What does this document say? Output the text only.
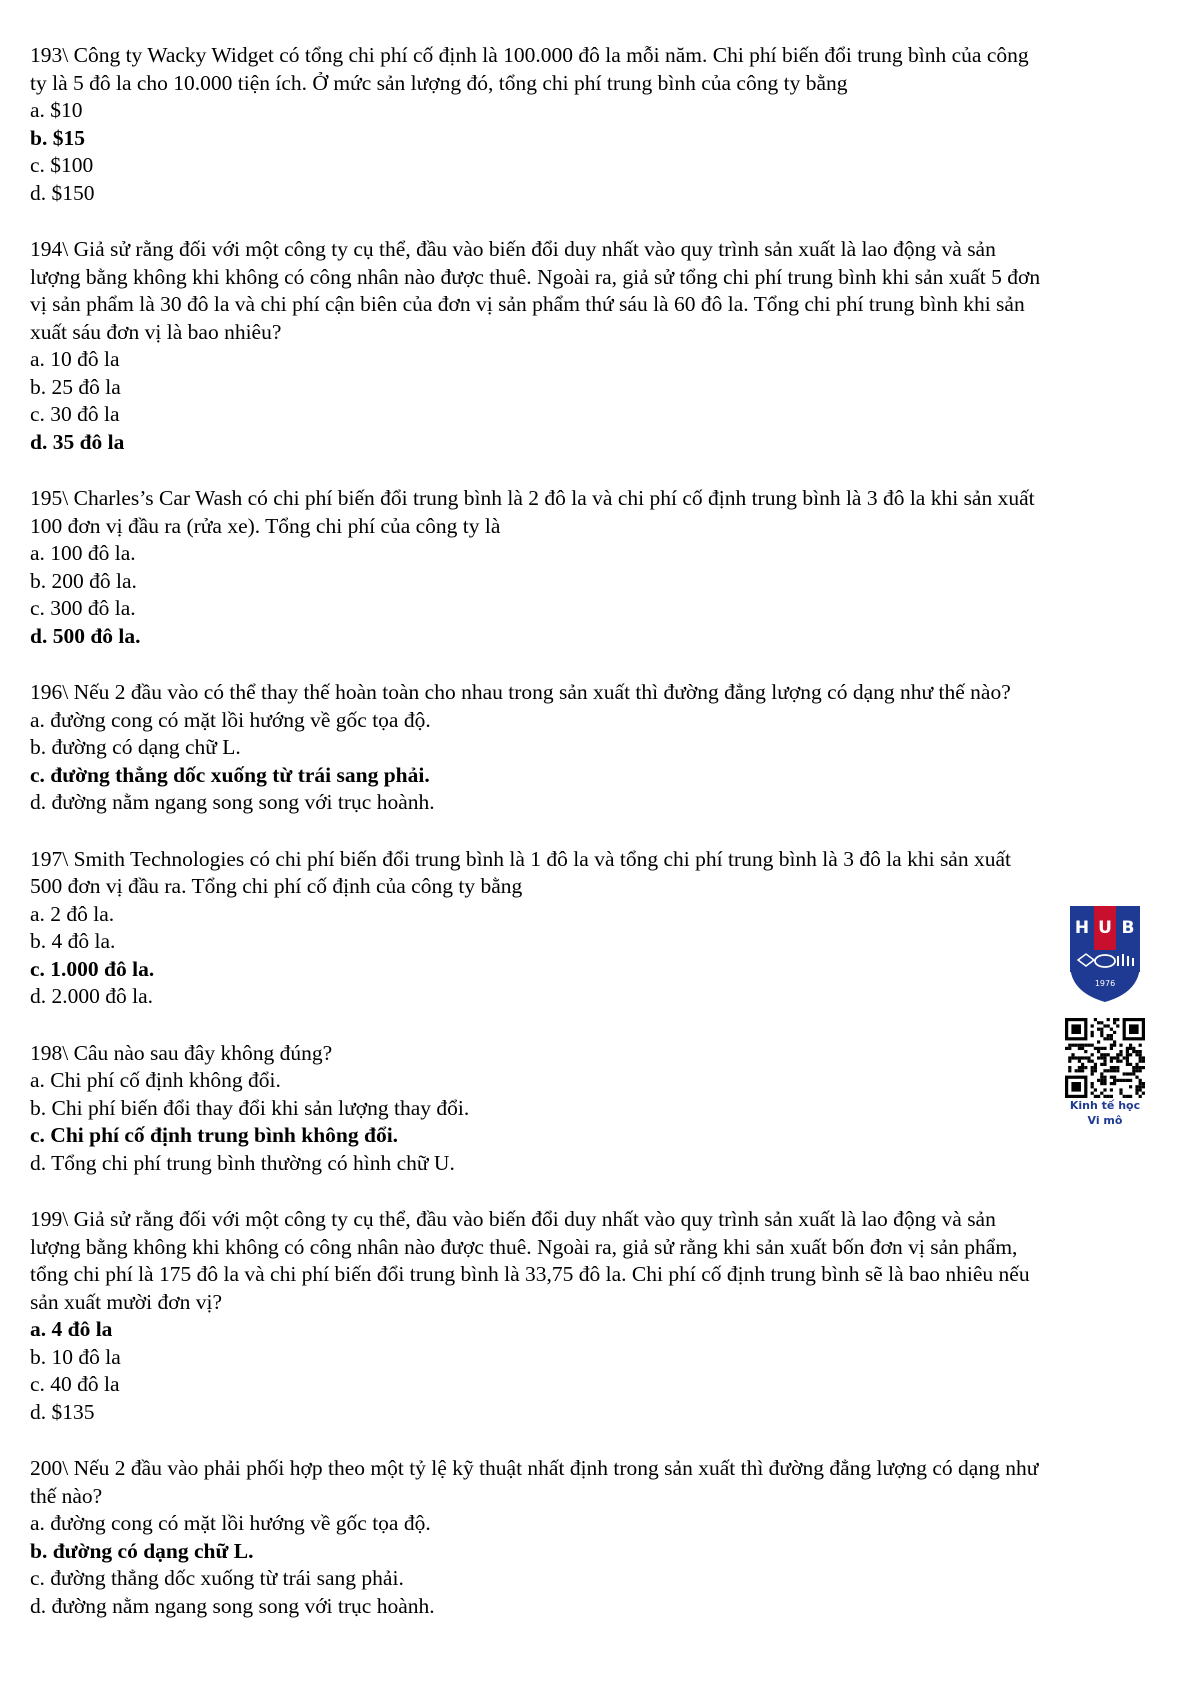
193\ Công ty Wacky Widget có tổng chi phí cố định là 100.000 đô la mỗi năm. Chi phí biến đổi trung bình của công
ty là 5 đô la cho 10.000 tiện ích. Ở mức sản lượng đó, tổng chi phí trung bình của công ty bằng
a. $10
b. $15
c. $100
d. $150
194\ Giả sử rằng đối với một công ty cụ thể, đầu vào biến đổi duy nhất vào quy trình sản xuất là lao động và sản
lượng bằng không khi không có công nhân nào được thuê. Ngoài ra, giả sử tổng chi phí trung bình khi sản xuất 5 đơn
vị sản phẩm là 30 đô la và chi phí cận biên của đơn vị sản phẩm thứ sáu là 60 đô la. Tổng chi phí trung bình khi sản
xuất sáu đơn vị là bao nhiêu?
a. 10 đô la
b. 25 đô la
c. 30 đô la
d. 35 đô la
195\ Charles’s Car Wash có chi phí biến đổi trung bình là 2 đô la và chi phí cố định trung bình là 3 đô la khi sản xuất
100 đơn vị đầu ra (rửa xe). Tổng chi phí của công ty là
a. 100 đô la.
b. 200 đô la.
c. 300 đô la.
d. 500 đô la.
196\ Nếu 2 đầu vào có thể thay thế hoàn toàn cho nhau trong sản xuất thì đường đẳng lượng có dạng như thế nào?
a. đường cong có mặt lồi hướng về gốc tọa độ.
b. đường có dạng chữ L.
c. đường thẳng dốc xuống từ trái sang phải.
d. đường nằm ngang song song với trục hoành.
197\ Smith Technologies có chi phí biến đổi trung bình là 1 đô la và tổng chi phí trung bình là 3 đô la khi sản xuất
500 đơn vị đầu ra. Tổng chi phí cố định của công ty bằng
a. 2 đô la.
b. 4 đô la.
c. 1.000 đô la.
d. 2.000 đô la.
198\ Câu nào sau đây không đúng?
a. Chi phí cố định không đổi.
b. Chi phí biến đổi thay đổi khi sản lượng thay đổi.
c. Chi phí cố định trung bình không đổi.
d. Tổng chi phí trung bình thường có hình chữ U.
199\ Giả sử rằng đối với một công ty cụ thể, đầu vào biến đổi duy nhất vào quy trình sản xuất là lao động và sản
lượng bằng không khi không có công nhân nào được thuê. Ngoài ra, giả sử rằng khi sản xuất bốn đơn vị sản phẩm,
tổng chi phí là 175 đô la và chi phí biến đổi trung bình là 33,75 đô la. Chi phí cố định trung bình sẽ là bao nhiêu nếu
sản xuất mười đơn vị?
a. 4 đô la
b. 10 đô la
c. 40 đô la
d. $135
200\ Nếu 2 đầu vào phải phối hợp theo một tỷ lệ kỹ thuật nhất định trong sản xuất thì đường đẳng lượng có dạng như
thế nào?
a. đường cong có mặt lồi hướng về gốc tọa độ.
b. đường có dạng chữ L.
c. đường thẳng dốc xuống từ trái sang phải.
d. đường nằm ngang song song với trục hoành.
H U B
1976
Kinh tế học
Vi mô
